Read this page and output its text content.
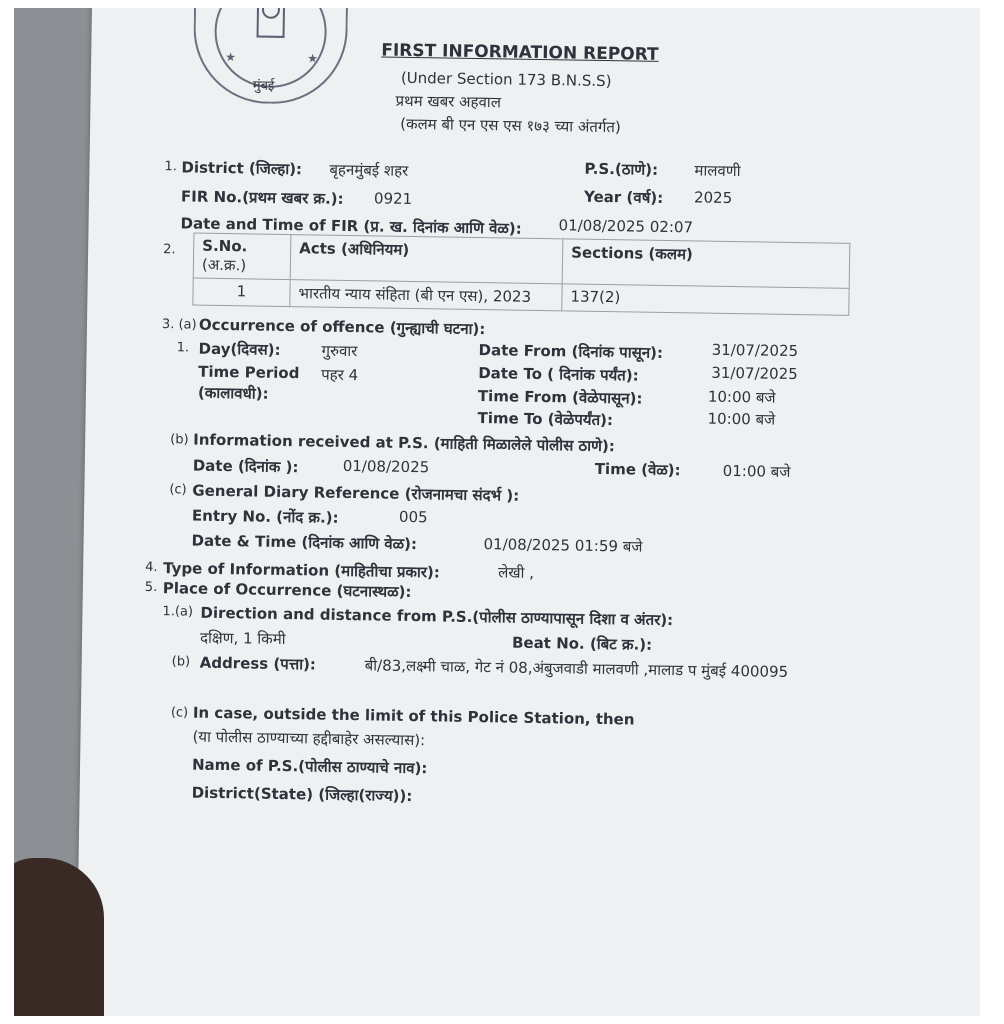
★	★
मुंबई
FIRST INFORMATION REPORT
(Under Section 173 B.N.S.S)
प्रथम खबर अहवाल
(कलम बी एन एस एस १७३ च्या अंतर्गत)
1. District (जिल्हा): बृहनमुंबई शहर	P.S.(ठाणे): मालवणी
FIR No.(प्रथम खबर क्र.): 0921	Year (वर्ष): 2025
Date and Time of FIR (प्र. ख. दिनांक आणि वेळ): 01/08/2025 02:07
2. S.No.
(अ.क्र.)	Acts (अधिनियम)	Sections (कलम)
1	भारतीय न्याय संहिता (बी एन एस), 2023	137(2)
3. (a) Occurrence of offence (गुन्ह्याची घटना):
1. Day(दिवस):	गुरुवार
Time Period पहर 4
(कालावधी):
Date From (दिनांक पासून):	31/07/2025
Date To ( दिनांक पर्यंत):	31/07/2025
Time From (वेळेपासून):	10:00 बजे
Time To (वेळेपर्यंत):	10:00 बजे
(b) Information received at P.S. (माहिती मिळालेले पोलीस ठाणे):
Date (दिनांक ):	01/08/2025	Time (वेळ):	01:00 बजे
(c) General Diary Reference (रोजनामचा संदर्भ ):
Entry No. (नोंद क्र.):	005
Date & Time (दिनांक आणि वेळ):	01/08/2025 01:59 बजे
4. Type of Information (माहितीचा प्रकार):	लेखी ,
5. Place of Occurrence (घटनास्थळ):
1.(a) Direction and distance from P.S.(पोलीस ठाण्यापासून दिशा व अंतर):
दक्षिण, 1 किमी	Beat No. (बिट क्र.):
(b) Address (पत्ता):	बी/83,लक्ष्मी चाळ, गेट नं 08,अंबुजवाडी मालवणी ,मालाड प मुंबई 400095
(c) In case, outside the limit of this Police Station, then
(या पोलीस ठाण्याच्या हद्दीबाहेर असल्यास):
Name of P.S.(पोलीस ठाण्याचे नाव):
District(State) (जिल्हा(राज्य)):
